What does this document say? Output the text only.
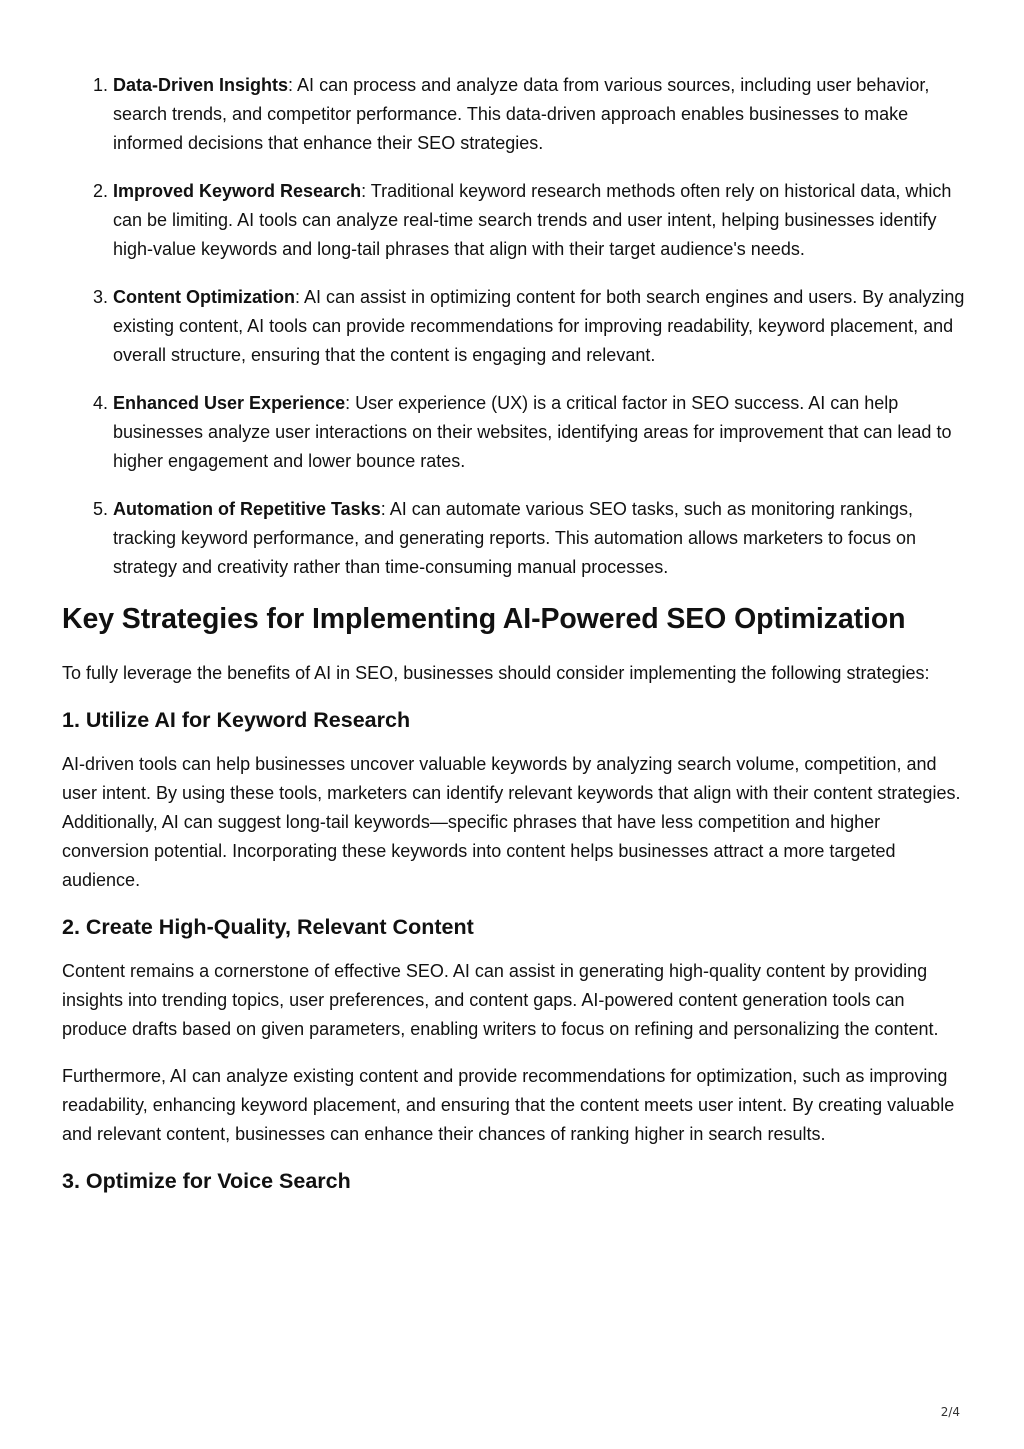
1. Data-Driven Insights: AI can process and analyze data from various sources, including user behavior, search trends, and competitor performance. This data-driven approach enables businesses to make informed decisions that enhance their SEO strategies.
2. Improved Keyword Research: Traditional keyword research methods often rely on historical data, which can be limiting. AI tools can analyze real-time search trends and user intent, helping businesses identify high-value keywords and long-tail phrases that align with their target audience's needs.
3. Content Optimization: AI can assist in optimizing content for both search engines and users. By analyzing existing content, AI tools can provide recommendations for improving readability, keyword placement, and overall structure, ensuring that the content is engaging and relevant.
4. Enhanced User Experience: User experience (UX) is a critical factor in SEO success. AI can help businesses analyze user interactions on their websites, identifying areas for improvement that can lead to higher engagement and lower bounce rates.
5. Automation of Repetitive Tasks: AI can automate various SEO tasks, such as monitoring rankings, tracking keyword performance, and generating reports. This automation allows marketers to focus on strategy and creativity rather than time-consuming manual processes.
Key Strategies for Implementing AI-Powered SEO Optimization

To fully leverage the benefits of AI in SEO, businesses should consider implementing the following strategies:

1. Utilize AI for Keyword Research

AI-driven tools can help businesses uncover valuable keywords by analyzing search volume, competition, and user intent. By using these tools, marketers can identify relevant keywords that align with their content strategies. Additionally, AI can suggest long-tail keywords—specific phrases that have less competition and higher conversion potential. Incorporating these keywords into content helps businesses attract a more targeted audience.

2. Create High-Quality, Relevant Content

Content remains a cornerstone of effective SEO. AI can assist in generating high-quality content by providing insights into trending topics, user preferences, and content gaps. AI-powered content generation tools can produce drafts based on given parameters, enabling writers to focus on refining and personalizing the content.

Furthermore, AI can analyze existing content and provide recommendations for optimization, such as improving readability, enhancing keyword placement, and ensuring that the content meets user intent. By creating valuable and relevant content, businesses can enhance their chances of ranking higher in search results.

3. Optimize for Voice Search
2/4
